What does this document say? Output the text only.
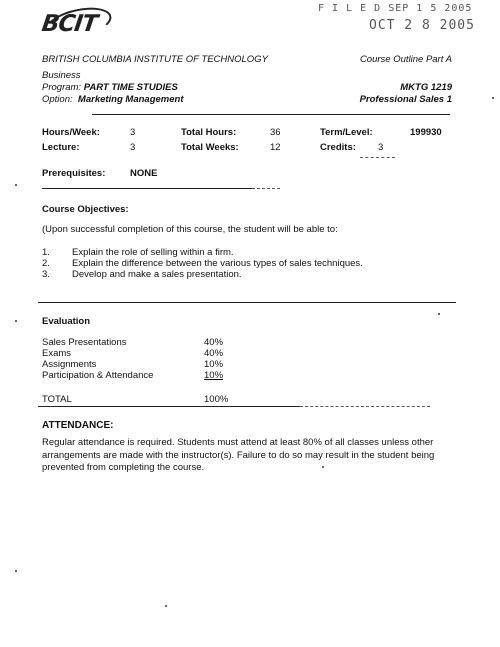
BCIT
F I L E D SEP 1 5 2005
OCT 2 8 2005
BRITISH COLUMBIA INSTITUTE OF TECHNOLOGY	Course Outline Part A
Business
Program: PART TIME STUDIES
Option: Marketing Management
MKTG 1219
Professional Sales 1
Hours/Week:	3	Total Hours:	36	Term/Level:	199930
Lecture:	3	Total Weeks:	12	Credits: 3
Prerequisites:	NONE
Course Objectives:
(Upon successful completion of this course, the student will be able to:
1. Explain the role of selling within a firm.
2. Explain the difference between the various types of sales techniques.
3. Develop and make a sales presentation.
Evaluation
Sales Presentations	40%
Exams	40%
Assignments	10%
Participation & Attendance	10%
TOTAL	100%
ATTENDANCE:
Regular attendance is required. Students must attend at least 80% of all classes unless other arrangements are made with the instructor(s). Failure to do so may result in the student being prevented from completing the course.
